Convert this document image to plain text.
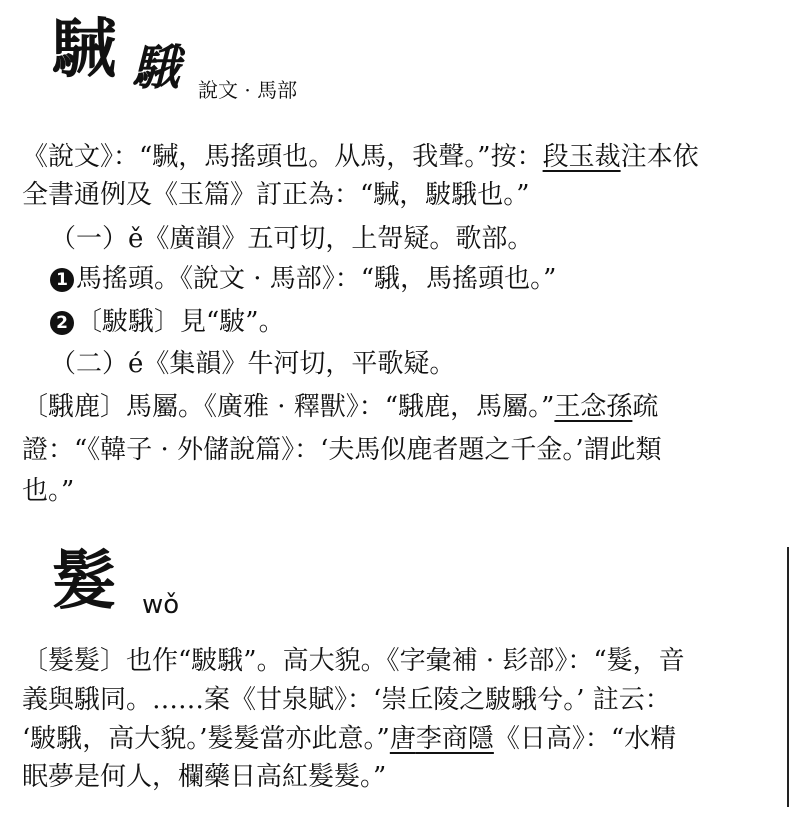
駴 騀 說文 · 馬部
《說文》：“駴，馬搖頭也。从馬，我聲。”按：段玉裁注本依
全書通例及《玉篇》訂正為：“駴，駊騀也。”
（一）ě《廣韻》五可切，上哿疑。歌部。
1 馬搖頭。《說文 · 馬部》：“騀，馬搖頭也。”
2 〔駊騀〕見“駊”。
（二）é《集韻》牛河切，平歌疑。
〔騀鹿〕馬屬。《廣雅 · 釋獸》：“騀鹿，馬屬。”王念孫疏
證：“《韓子 · 外儲說篇》：‘夫馬似鹿者題之千金。’謂此類
也。”
髮 wǒ
〔髮髮〕也作“駊騀”。高大貌。《字彙補 · 髟部》：“髮，音
義與騀同。……案《甘泉賦》：‘崇丘陵之駊騀兮。’ 註云：
‘駊騀，高大貌。’髮髮當亦此意。”唐李商隱《日高》：“水精
眠夢是何人，欄藥日高紅髮髮。”
